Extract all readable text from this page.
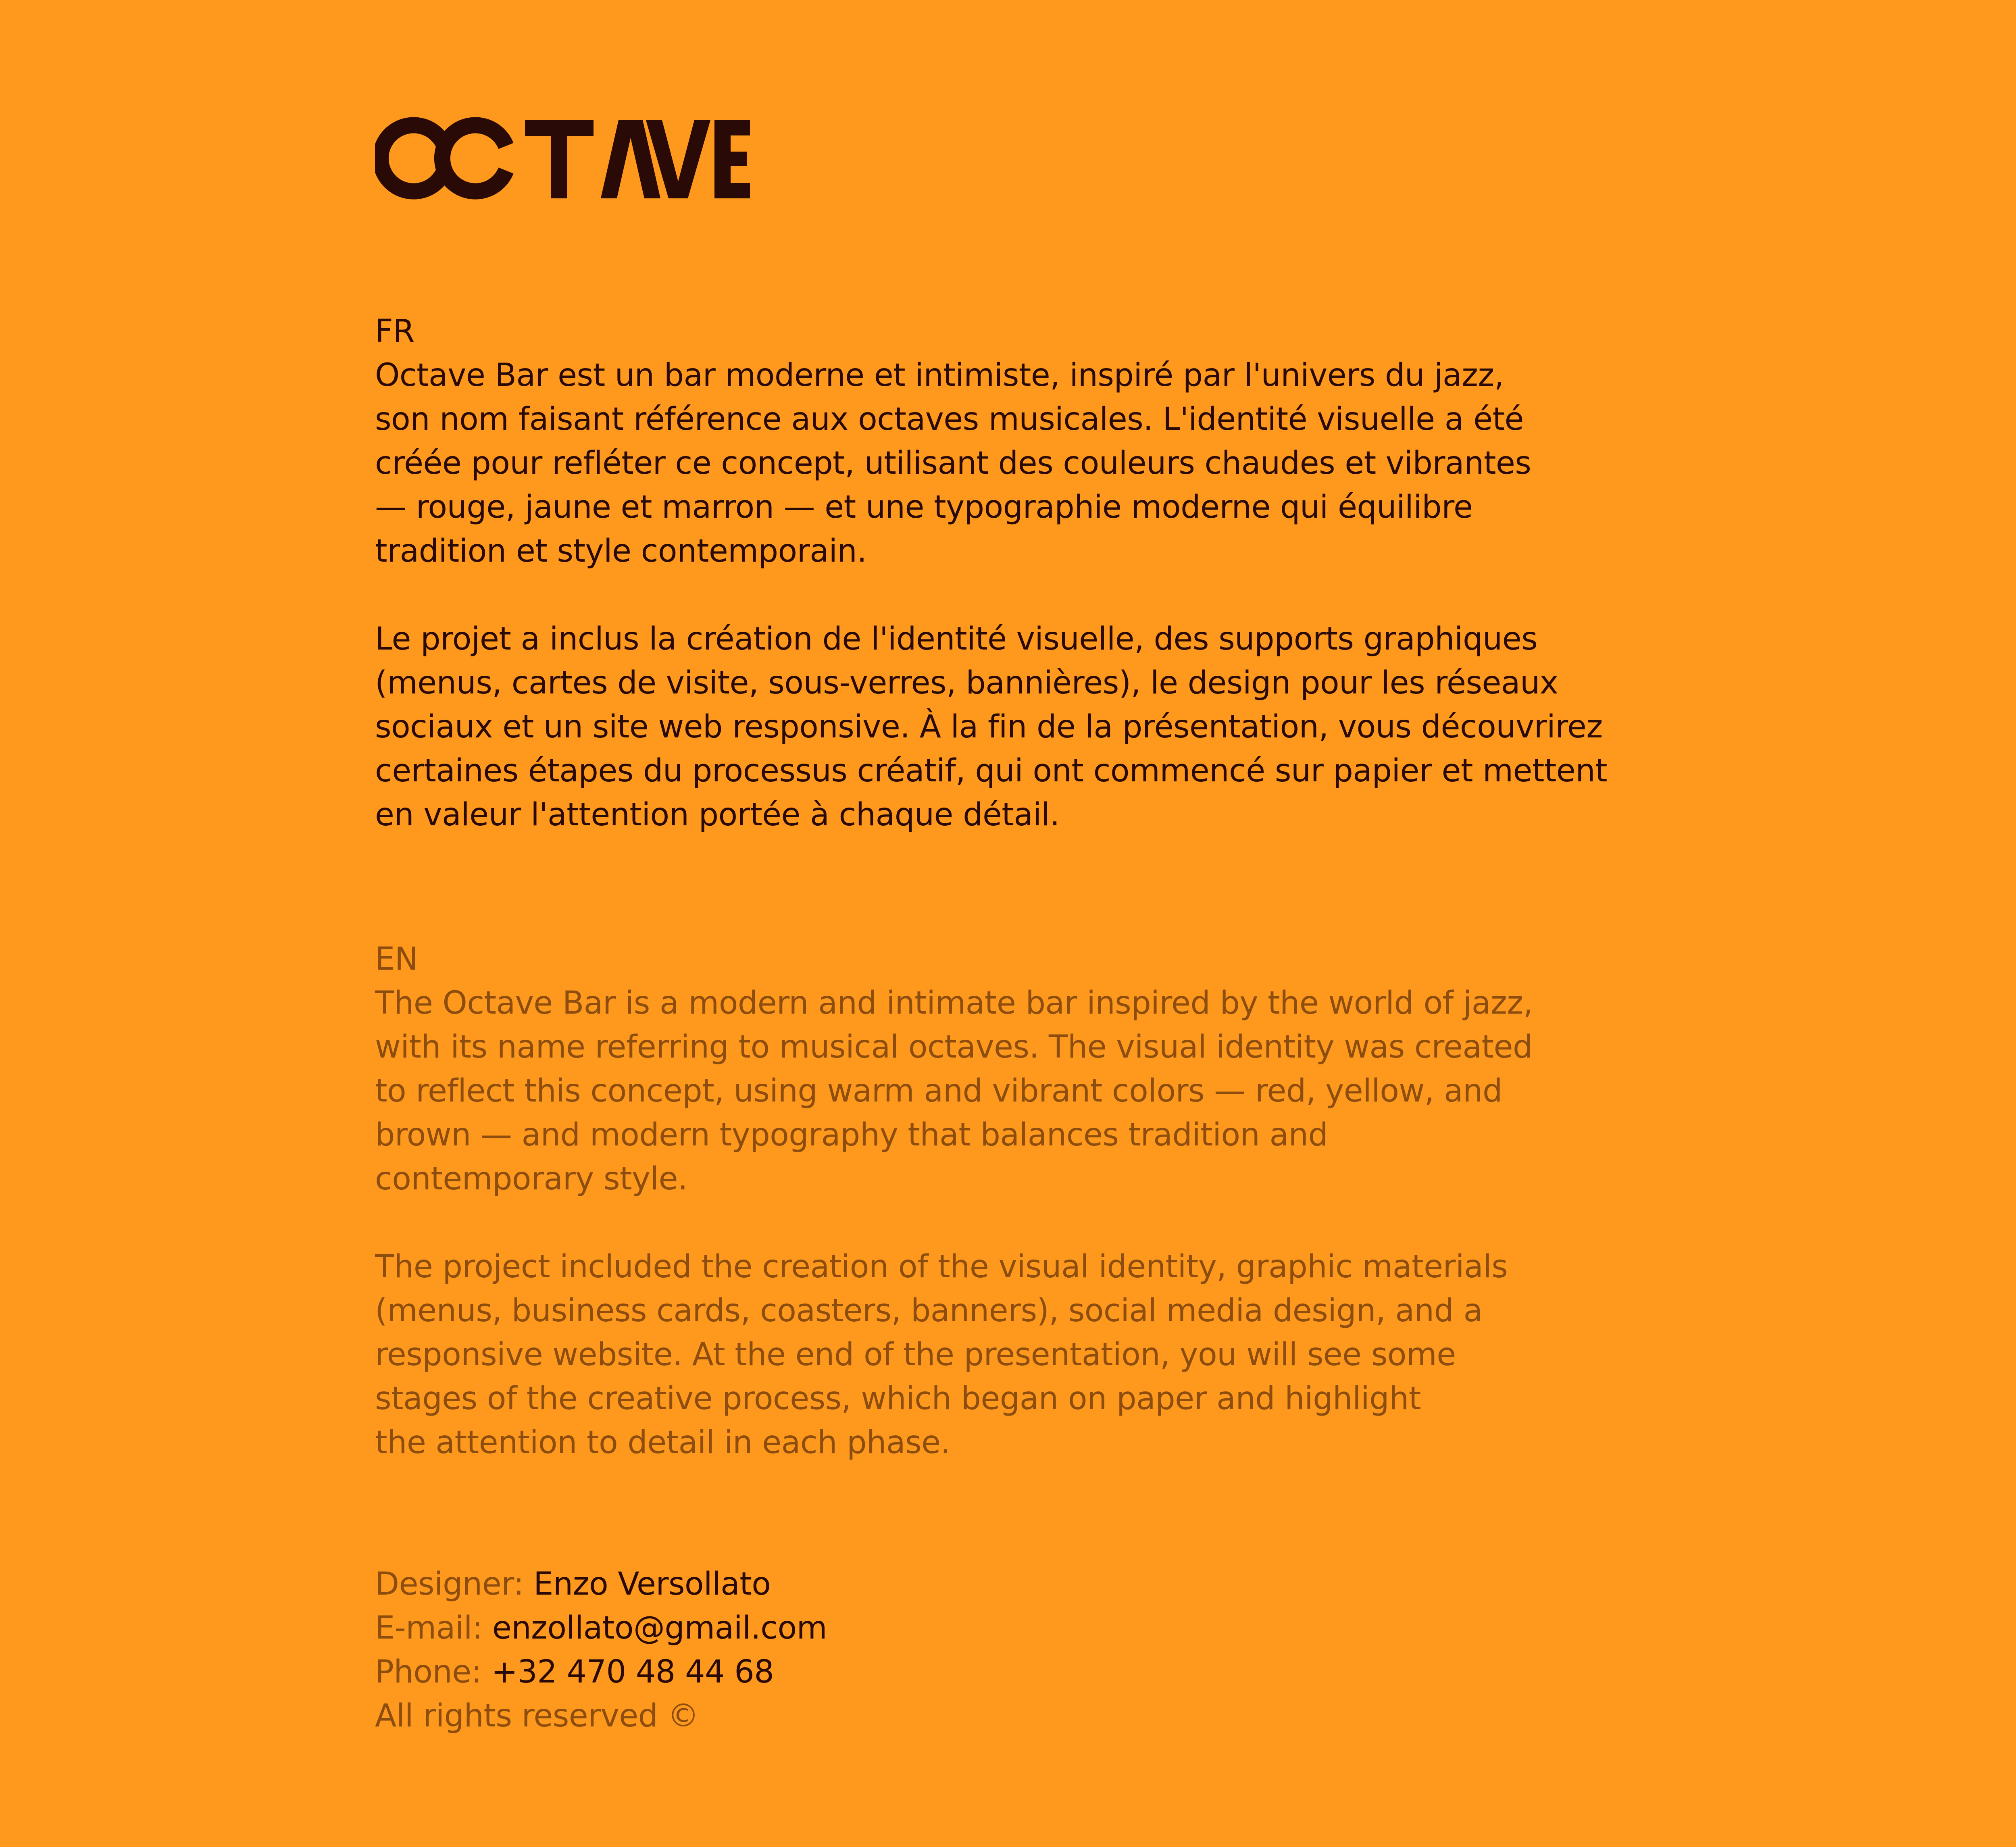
FR

Octave Bar est un bar moderne et intimiste, inspiré par l'univers du jazz,
son nom faisant référence aux octaves musicales. L'identité visuelle a été
créée pour refléter ce concept, utilisant des couleurs chaudes et vibrantes
— rouge, jaune et marron — et une typographie moderne qui équilibre
tradition et style contemporain.

Le projet a inclus la création de l'identité visuelle, des supports graphiques
(menus, cartes de visite, sous-verres, bannières), le design pour les réseaux
sociaux et un site web responsive. À la fin de la présentation, vous découvrirez
certaines étapes du processus créatif, qui ont commencé sur papier et mettent
en valeur l'attention portée à chaque détail.

EN

The Octave Bar is a modern and intimate bar inspired by the world of jazz,
with its name referring to musical octaves. The visual identity was created
to reflect this concept, using warm and vibrant colors — red, yellow, and
brown — and modern typography that balances tradition and
contemporary style.

The project included the creation of the visual identity, graphic materials
(menus, business cards, coasters, banners), social media design, and a
responsive website. At the end of the presentation, you will see some
stages of the creative process, which began on paper and highlight
the attention to detail in each phase.

Designer: Enzo Versollato
E-mail: enzollato@gmail.com
Phone: +32 470 48 44 68
All rights reserved ©
